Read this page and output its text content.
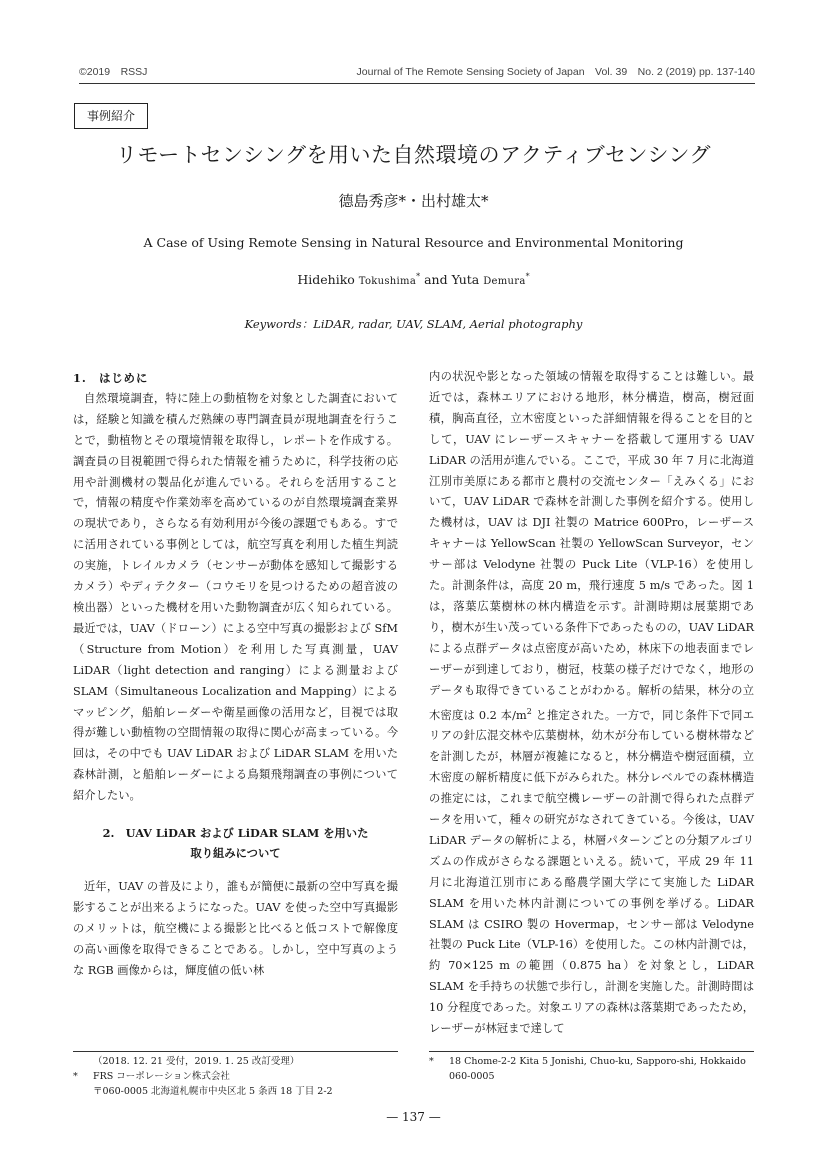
©2019　RSSJ	Journal of The Remote Sensing Society of Japan　Vol. 39　No. 2 (2019) pp. 137-140
事例紹介
リモートセンシングを用いた自然環境のアクティブセンシング
德島秀彦*・出村雄太*
A Case of Using Remote Sensing in Natural Resource and Environmental Monitoring
Hidehiko Tokushima* and Yuta Demura*
Keywords：LiDAR, radar, UAV, SLAM, Aerial photography

1.　はじめに

自然環境調査，特に陸上の動植物を対象とした調査においては，経験と知識を積んだ熟練の専門調査員が現地調査を行うことで，動植物とその環境情報を取得し，レポートを作成する。調査員の目視範囲で得られた情報を補うために，科学技術の応用や計測機材の製品化が進んでいる。それらを活用することで，情報の精度や作業効率を高めているのが自然環境調査業界の現状であり，さらなる有効利用が今後の課題でもある。すでに活用されている事例としては，航空写真を利用した植生判読の実施，トレイルカメラ（センサーが動体を感知して撮影するカメラ）やディテクター（コウモリを見つけるための超音波の検出器）といった機材を用いた動物調査が広く知られている。最近では，UAV（ドローン）による空中写真の撮影および SfM（Structure from Motion）を利用した写真測量，UAV LiDAR（light detection and ranging）による測量および SLAM（Simultaneous Localization and Mapping）によるマッピング，船舶レーダーや衛星画像の活用など，目視では取得が難しい動植物の空間情報の取得に関心が高まっている。今回は，その中でも UAV LiDAR および LiDAR SLAM を用いた森林計測，と船舶レーダーによる鳥類飛翔調査の事例について紹介したい。

2.　UAV LiDAR および LiDAR SLAM を用いた
取り組みについて

近年，UAV の普及により，誰もが簡便に最新の空中写真を撮影することが出来るようになった。UAV を使った空中写真撮影のメリットは，航空機による撮影と比べると低コストで解像度の高い画像を取得できることである。しかし，空中写真のような RGB 画像からは，輝度値の低い林

内の状況や影となった領域の情報を取得することは難しい。最近では，森林エリアにおける地形，林分構造，樹高，樹冠面積，胸高直径，立木密度といった詳細情報を得ることを目的として，UAV にレーザースキャナーを搭載して運用する UAV LiDAR の活用が進んでいる。ここで，平成 30 年 7 月に北海道江別市美原にある都市と農村の交流センター「えみくる」において，UAV LiDAR で森林を計測した事例を紹介する。使用した機材は，UAV は DJI 社製の Matrice 600Pro，レーザースキャナーは YellowScan 社製の YellowScan Surveyor，センサー部は Velodyne 社製の Puck Lite（VLP-16）を使用した。計測条件は，高度 20 m，飛行速度 5 m/s であった。図 1 は，落葉広葉樹林の林内構造を示す。計測時期は展葉期であり，樹木が生い茂っている条件下であったものの，UAV LiDAR による点群データは点密度が高いため，林床下の地表面までレーザーが到達しており，樹冠，枝葉の様子だけでなく，地形のデータも取得できていることがわかる。解析の結果，林分の立木密度は 0.2 本$/m^2$ と推定された。一方で，同じ条件下で同エリアの針広混交林や広葉樹林，幼木が分布している樹林帯などを計測したが，林層が複雑になると，林分構造や樹冠面積，立木密度の解析精度に低下がみられた。林分レベルでの森林構造の推定には，これまで航空機レーザーの計測で得られた点群データを用いて，種々の研究がなされてきている。今後は，UAV LiDAR データの解析による，林層パターンごとの分類アルゴリズムの作成がさらなる課題といえる。続いて，平成 29 年 11 月に北海道江別市にある酪農学園大学にて実施した LiDAR SLAM を用いた林内計測についての事例を挙げる。LiDAR SLAM は CSIRO 製の Hovermap，センサー部は Velodyne 社製の Puck Lite（VLP-16）を使用した。この林内計測では，約 70×125 m の範囲（0.875 ha）を対象とし，LiDAR SLAM を手持ちの状態で歩行し，計測を実施した。計測時間は 10 分程度であった。対象エリアの森林は落葉期であったため，レーザーが林冠まで達して

（2018. 12. 21 受付，2019. 1. 25 改訂受理）
* FRS コーポレーション株式会社
〒060-0005 北海道札幌市中央区北 5 条西 18 丁目 2-2
* 18 Chome-2-2 Kita 5 Jonishi, Chuo-ku, Sapporo-shi, Hokkaido 060-0005
— 137 —
